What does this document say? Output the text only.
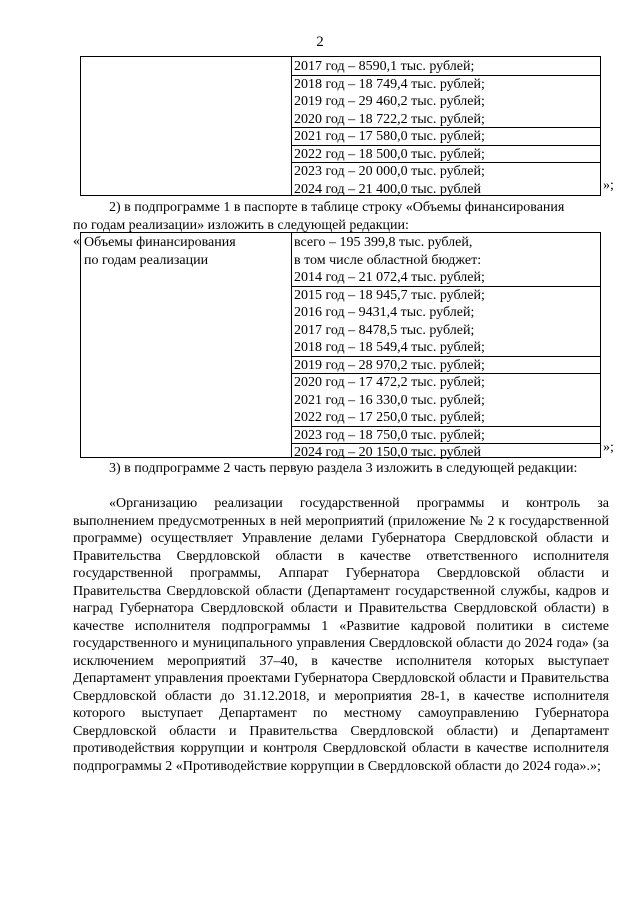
2
2017 год – 8590,1 тыс. рублей;
2018 год – 18 749,4 тыс. рублей;
2019 год – 29 460,2 тыс. рублей;
2020 год – 18 722,2 тыс. рублей;
2021 год – 17 580,0 тыс. рублей;
2022 год – 18 500,0 тыс. рублей;
2023 год – 20 000,0 тыс. рублей;
2024 год – 21 400,0 тыс. рублей	»;
2) в подпрограмме 1 в паспорте в таблице строку «Объемы финансирования
по годам реализации» изложить в следующей редакции:
« Объемы финансирования
по годам реализации
всего – 195 399,8 тыс. рублей,
в том числе областной бюджет:
2014 год – 21 072,4 тыс. рублей;
2015 год – 18 945,7 тыс. рублей;
2016 год – 9431,4 тыс. рублей;
2017 год – 8478,5 тыс. рублей;
2018 год – 18 549,4 тыс. рублей;
2019 год – 28 970,2 тыс. рублей;
2020 год – 17 472,2 тыс. рублей;
2021 год – 16 330,0 тыс. рублей;
2022 год – 17 250,0 тыс. рублей;
2023 год – 18 750,0 тыс. рублей;
2024 год – 20 150,0 тыс. рублей	»;
3) в подпрограмме 2 часть первую раздела 3 изложить в следующей редакции:
«Организацию реализации государственной программы и контроль за выполнением предусмотренных в ней мероприятий (приложение № 2 к государственной программе) осуществляет Управление делами Губернатора Свердловской области и Правительства Свердловской области в качестве ответственного исполнителя государственной программы, Аппарат Губернатора Свердловской области и Правительства Свердловской области (Департамент государственной службы, кадров и наград Губернатора Свердловской области и Правительства Свердловской области) в качестве исполнителя подпрограммы 1 «Развитие кадровой политики в системе государственного и муниципального управления Свердловской области до 2024 года» (за исключением мероприятий 37–40, в качестве исполнителя которых выступает Департамент управления проектами Губернатора Свердловской области и Правительства Свердловской области до 31.12.2018, и мероприятия 28-1, в качестве исполнителя которого выступает Департамент по местному самоуправлению Губернатора Свердловской области и Правительства Свердловской области) и Департамент противодействия коррупции и контроля Свердловской области в качестве исполнителя подпрограммы 2 «Противодействие коррупции в Свердловской области до 2024 года».»;
